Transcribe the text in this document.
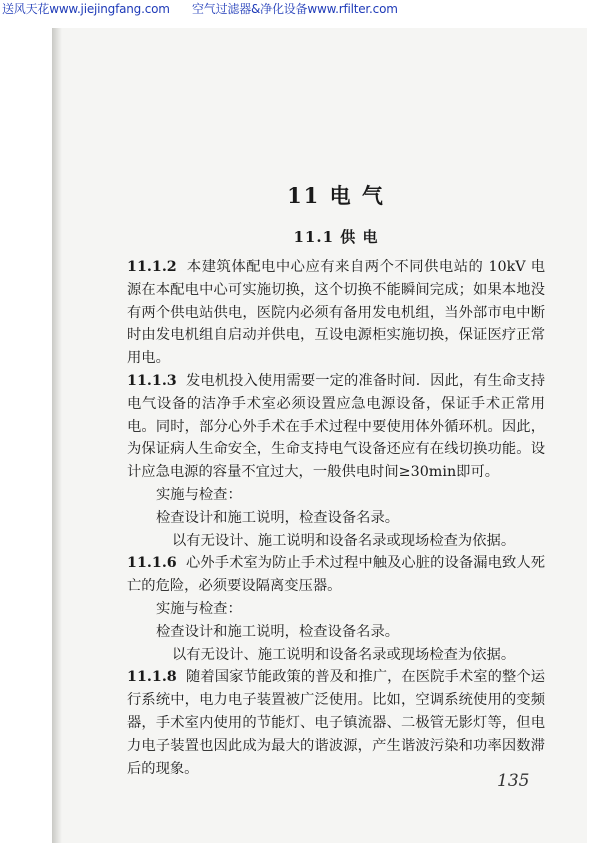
送风天花www.jiejingfang.com 空气过滤器&净化设备www.rfilter.com
11 电 气
11.1 供 电

11.1.2 本建筑体配电中心应有来自两个不同供电站的 10kV 电源在本配电中心可实施切换，这个切换不能瞬间完成；如果本地没有两个供电站供电，医院内必须有备用发电机组，当外部市电中断时由发电机组自启动并供电，互设电源柜实施切换，保证医疗正常用电。

11.1.3 发电机投入使用需要一定的准备时间．因此，有生命支持电气设备的洁净手术室必须设置应急电源设备，保证手术正常用电。同时，部分心外手术在手术过程中要使用体外循环机。因此，为保证病人生命安全，生命支持电气设备还应有在线切换功能。设计应急电源的容量不宜过大，一般供电时间≥30min即可。

实施与检查：

检查设计和施工说明，检查设备名录。

以有无设计、施工说明和设备名录或现场检查为依据。

11.1.6 心外手术室为防止手术过程中触及心脏的设备漏电致人死亡的危险，必须要设隔离变压器。

实施与检查：

检查设计和施工说明，检查设备名录。

以有无设计、施工说明和设备名录或现场检查为依据。

11.1.8 随着国家节能政策的普及和推广，在医院手术室的整个运行系统中，电力电子装置被广泛使用。比如，空调系统使用的变频器，手术室内使用的节能灯、电子镇流器、二极管无影灯等，但电力电子装置也因此成为最大的谐波源，产生谐波污染和功率因数滞后的现象。

135
